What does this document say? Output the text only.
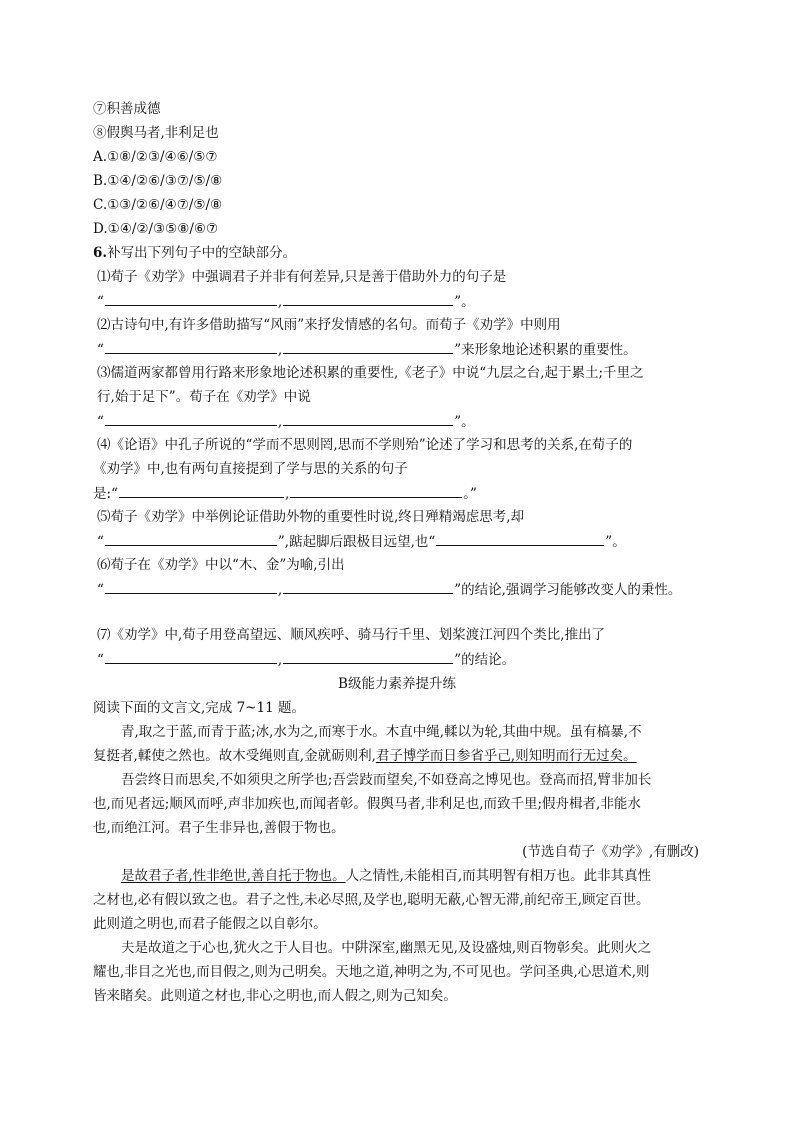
⑦积善成德
⑧假舆马者,非利足也
A.①⑧/②③/④⑥/⑤⑦
B.①④/②⑥/③⑦/⑤/⑧
C.①③/②⑥/④⑦/⑤/⑧
D.①④/②/③⑤⑧/⑥⑦
6.补写出下列句子中的空缺部分。
⑴荀子《劝学》中强调君子并非有何差异,只是善于借助外力的句子是
“	,	”。
⑵古诗句中,有许多借助描写“风雨”来抒发情感的名句。而荀子《劝学》中则用
“	,	”来形象地论述积累的重要性。
⑶儒道两家都曾用行路来形象地论述积累的重要性,《老子》中说“九层之台,起于累土;千里之
行,始于足下”。荀子在《劝学》中说
“	,	”。
⑷《论语》中孔子所说的“学而不思则罔,思而不学则殆”论述了学习和思考的关系,在荀子的
《劝学》中,也有两句直接提到了学与思的关系的句子
是:“	,	。”
⑸荀子《劝学》中举例论证借助外物的重要性时说,终日殚精竭虑思考,却
“	”,踮起脚后跟极目远望,也“	”。
⑹荀子在《劝学》中以“木、金”为喻,引出
“	,	”的结论,强调学习能够改变人的秉性。
⑺《劝学》中,荀子用登高望远、顺风疾呼、骑马行千里、划桨渡江河四个类比,推出了
“	,	”的结论。
B级能力素养提升练
阅读下面的文言文,完成 7~11 题。
青,取之于蓝,而青于蓝;冰,水为之,而寒于水。木直中绳,輮以为轮,其曲中规。虽有槁暴,不
复挺者,輮使之然也。故木受绳则直,金就砺则利,君子博学而日参省乎己,则知明而行无过矣。
吾尝终日而思矣,不如须臾之所学也;吾尝跂而望矣,不如登高之博见也。登高而招,臂非加长
也,而见者远;顺风而呼,声非加疾也,而闻者彰。假舆马者,非利足也,而致千里;假舟楫者,非能水
也,而绝江河。君子生非异也,善假于物也。
(节选自荀子《劝学》,有删改)
是故君子者,性非绝世,善自托于物也。人之情性,未能相百,而其明智有相万也。此非其真性
之材也,必有假以致之也。君子之性,未必尽照,及学也,聪明无蔽,心智无滞,前纪帝王,顾定百世。
此则道之明也,而君子能假之以自彰尔。
夫是故道之于心也,犹火之于人目也。中阱深室,幽黑无见,及设盛烛,则百物彰矣。此则火之
耀也,非目之光也,而目假之,则为己明矣。天地之道,神明之为,不可见也。学问圣典,心思道术,则
皆来睹矣。此则道之材也,非心之明也,而人假之,则为己知矣。
